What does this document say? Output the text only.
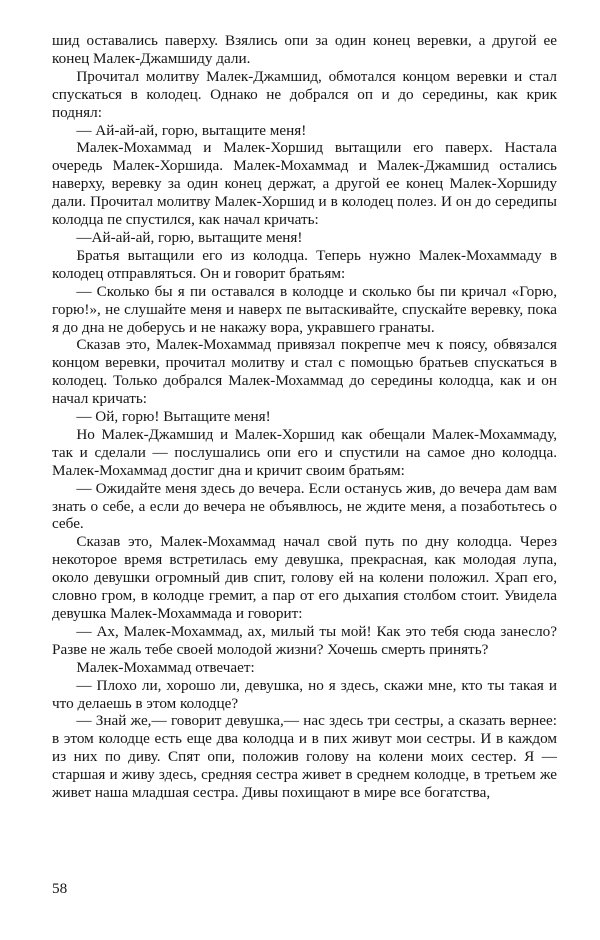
шид оставались паверху. Взялись опи за один конец веревки, а другой ее конец Малек-Джамшиду дали.

Прочитал молитву Малек-Джамшид, обмотался концом веревки и стал спускаться в колодец. Однако не добрался оп и до середины, как крик поднял:

— Ай-ай-ай, горю, вытащите меня!

Малек-Мохаммад и Малек-Хоршид вытащили его паверх. Настала очередь Малек-Хоршида. Малек-Мохаммад и Малек-Джамшид остались наверху, веревку за один конец держат, а другой ее конец Малек-Хоршиду дали. Прочитал молитву Малек-Хоршид и в колодец полез. И он до середипы колодца пе спустился, как начал кричать:

—Ай-ай-ай, горю, вытащите меня!

Братья вытащили его из колодца. Теперь нужно Малек-Мохаммаду в колодец отправляться. Он и говорит братьям:

— Сколько бы я пи оставался в колодце и сколько бы пи кричал «Горю, горю!», не слушайте меня и наверх пе вытаскивайте, спускайте веревку, пока я до дна не доберусь и не накажу вора, укравшего гранаты.

Сказав это, Малек-Мохаммад привязал покрепче меч к поясу, обвязался концом веревки, прочитал молитву и стал с помощью братьев спускаться в колодец. Только добрался Малек-Мохаммад до середины колодца, как и он начал кричать:

— Ой, горю! Вытащите меня!

Но Малек-Джамшид и Малек-Хоршид как обещали Малек-Мохаммаду, так и сделали — послушались опи его и спустили на самое дно колодца. Малек-Мохаммад достиг дна и кричит своим братьям:

— Ожидайте меня здесь до вечера. Если останусь жив, до вечера дам вам знать о себе, а если до вечера не объявлюсь, не ждите меня, а позаботьтесь о себе.

Сказав это, Малек-Мохаммад начал свой путь по дну колодца. Через некоторое время встретилась ему девушка, прекрасная, как молодая лупа, около девушки огромный див спит, голову ей на колени положил. Храп его, словно гром, в колодце гремит, а пар от его дыхапия столбом стоит. Увидела девушка Малек-Мохаммада и говорит:

— Ах, Малек-Мохаммад, ах, милый ты мой! Как это тебя сюда занесло? Разве не жаль тебе своей молодой жизни? Хочешь смерть принять?

Малек-Мохаммад отвечает:

— Плохо ли, хорошо ли, девушка, но я здесь, скажи мне, кто ты такая и что делаешь в этом колодце?

— Знай же,— говорит девушка,— нас здесь три сестры, а сказать вернее: в этом колодце есть еще два колодца и в пих живут мои сестры. И в каждом из них по диву. Спят опи, положив голову на колени моих сестер. Я — старшая и живу здесь, средняя сестра живет в среднем колодце, в третьем же живет наша младшая сестра. Дивы похищают в мире все богатства,

58
